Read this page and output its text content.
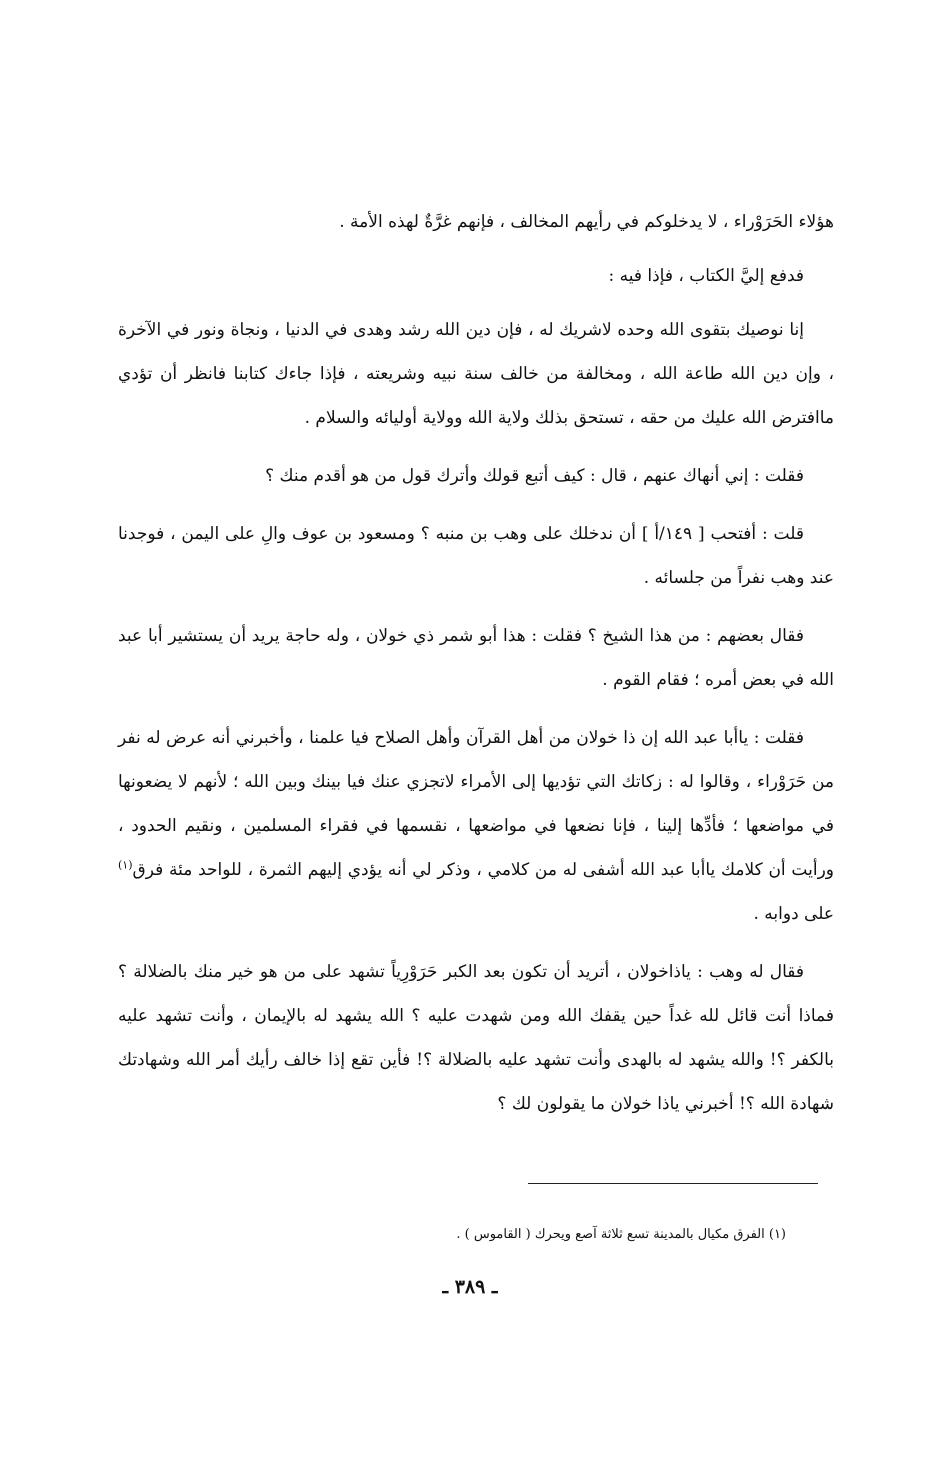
هؤلاء الحَرَوْراء ، لا يدخلوكم في رأيهم المخالف ، فإنهم غرَّةٌ لهذه الأمة .

فدفع إليَّ الكتاب ، فإذا فيه :

إنا نوصيك بتقوى الله وحده لاشريك له ، فإن دين الله رشد وهدى في الدنيا ، ونجاة ونور في الآخرة ، وإن دين الله طاعة الله ، ومخالفة من خالف سنة نبيه وشريعته ، فإذا جاءك كتابنا فانظر أن تؤدي ماافترض الله عليك من حقه ، تستحق بذلك ولاية الله وولاية أوليائه والسلام .

فقلت : إني أنهاك عنهم ، قال : كيف أتبع قولك وأترك قول من هو أقدم منك ؟

قلت : أفتحب [ ١٤٩/أ ] أن ندخلك على وهب بن منبه ؟ ومسعود بن عوف والِ على اليمن ، فوجدنا عند وهب نفراً من جلسائه .

فقال بعضهم : من هذا الشيخ ؟ فقلت : هذا أبو شمر ذي خولان ، وله حاجة يريد أن يستشير أبا عبد الله في بعض أمره ؛ فقام القوم .

فقلت : ياأبا عبد الله إن ذا خولان من أهل القرآن وأهل الصلاح فيا علمنا ، وأخبرني أنه عرض له نفر من حَرَوْراء ، وقالوا له : زكاتك التي تؤديها إلى الأمراء لاتجزي عنك فيا بينك وبين الله ؛ لأنهم لا يضعونها في مواضعها ؛ فأدِّها إلينا ، فإنا نضعها في مواضعها ، نقسمها في فقراء المسلمين ، ونقيم الحدود ، ورأيت أن كلامك ياأبا عبد الله أشفى له من كلامي ، وذكر لي أنه يؤدي إليهم الثمرة ، للواحد مئة فرق$^{(١)}$ على دوابه .

فقال له وهب : ياذاخولان ، أتريد أن تكون بعد الكبر حَرَوْرِياً تشهد على من هو خير منك بالضلالة ؟ فماذا أنت قائل لله غداً حين يقفك الله ومن شهدت عليه ؟ الله يشهد له بالإيمان ، وأنت تشهد عليه بالكفر ؟! والله يشهد له بالهدى وأنت تشهد عليه بالضلالة ؟! فأين تقع إذا خالف رأيك أمر الله وشهادتك شهادة الله ؟! أخبرني ياذا خولان ما يقولون لك ؟

(١) الفرق مكيال بالمدينة تسع ثلاثة آصع ويحرك ( القاموس ) .
ـ ٣٨٩ ـ
